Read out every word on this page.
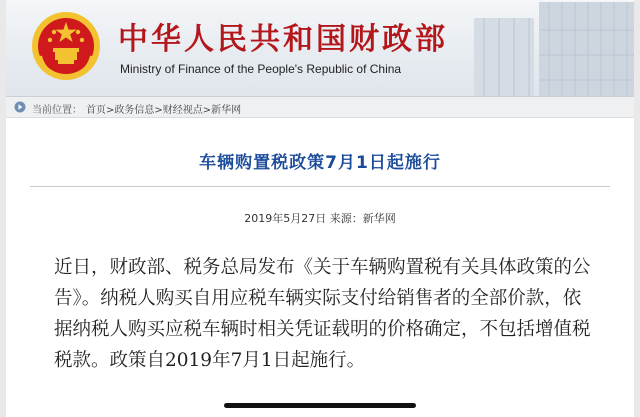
中华人民共和国财政部
Ministry of Finance of the People's Republic of China
当前位置： 首页>政务信息>财经视点>新华网
车辆购置税政策7月1日起施行
2019年5月27日 来源：新华网
近日，财政部、税务总局发布《关于车辆购置税有关具体政策的公告》。纳税人购买自用应税车辆实际支付给销售者的全部价款，依据纳税人购买应税车辆时相关凭证载明的价格确定，不包括增值税税款。政策自2019年7月1日起施行。
